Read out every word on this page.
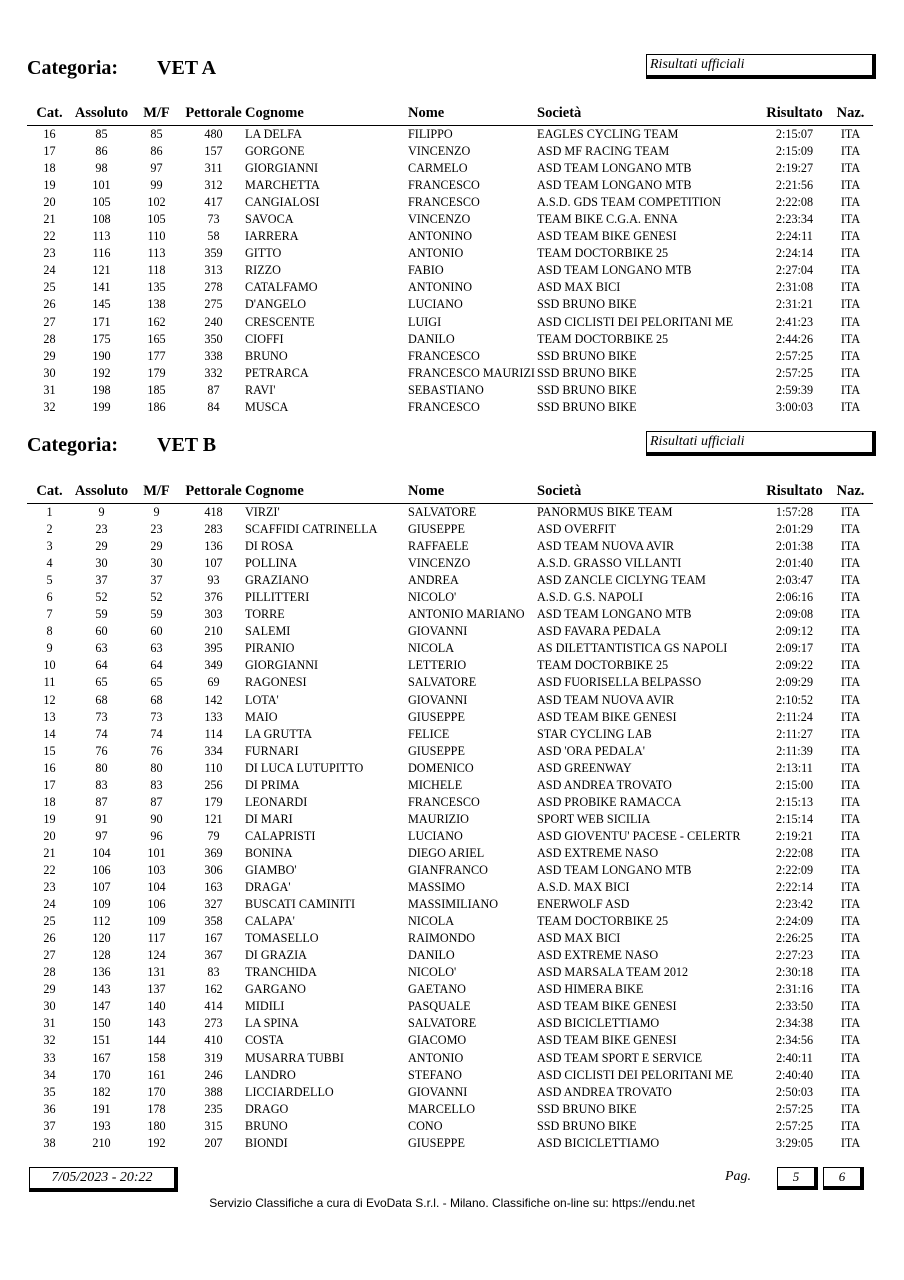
Categoria: VET A	Risultati ufficiali
Cat.	Assoluto	M/F	Pettorale	Cognome	Nome	Società	Risultato	Naz.
16	85	85	480	LA DELFA	FILIPPO	EAGLES CYCLING TEAM	2:15:07	ITA
17	86	86	157	GORGONE	VINCENZO	ASD MF RACING TEAM	2:15:09	ITA
18	98	97	311	GIORGIANNI	CARMELO	ASD TEAM LONGANO MTB	2:19:27	ITA
19	101	99	312	MARCHETTA	FRANCESCO	ASD TEAM LONGANO MTB	2:21:56	ITA
20	105	102	417	CANGIALOSI	FRANCESCO	A.S.D. GDS TEAM COMPETITION	2:22:08	ITA
21	108	105	73	SAVOCA	VINCENZO	TEAM BIKE C.G.A. ENNA	2:23:34	ITA
22	113	110	58	IARRERA	ANTONINO	ASD TEAM BIKE GENESI	2:24:11	ITA
23	116	113	359	GITTO	ANTONIO	TEAM DOCTORBIKE 25	2:24:14	ITA
24	121	118	313	RIZZO	FABIO	ASD TEAM LONGANO MTB	2:27:04	ITA
25	141	135	278	CATALFAMO	ANTONINO	ASD MAX BICI	2:31:08	ITA
26	145	138	275	D'ANGELO	LUCIANO	SSD BRUNO BIKE	2:31:21	ITA
27	171	162	240	CRESCENTE	LUIGI	ASD CICLISTI DEI PELORITANI ME	2:41:23	ITA
28	175	165	350	CIOFFI	DANILO	TEAM DOCTORBIKE 25	2:44:26	ITA
29	190	177	338	BRUNO	FRANCESCO	SSD BRUNO BIKE	2:57:25	ITA
30	192	179	332	PETRARCA	FRANCESCO MAURIZI	SSD BRUNO BIKE	2:57:25	ITA
31	198	185	87	RAVI'	SEBASTIANO	SSD BRUNO BIKE	2:59:39	ITA
32	199	186	84	MUSCA	FRANCESCO	SSD BRUNO BIKE	3:00:03	ITA
Categoria: VET B	Risultati ufficiali
Cat.	Assoluto	M/F	Pettorale	Cognome	Nome	Società	Risultato	Naz.
1	9	9	418	VIRZI'	SALVATORE	PANORMUS BIKE TEAM	1:57:28	ITA
2	23	23	283	SCAFFIDI CATRINELLA	GIUSEPPE	ASD OVERFIT	2:01:29	ITA
3	29	29	136	DI ROSA	RAFFAELE	ASD TEAM NUOVA AVIR	2:01:38	ITA
4	30	30	107	POLLINA	VINCENZO	A.S.D. GRASSO VILLANTI	2:01:40	ITA
5	37	37	93	GRAZIANO	ANDREA	ASD ZANCLE CICLYNG TEAM	2:03:47	ITA
6	52	52	376	PILLITTERI	NICOLO'	A.S.D. G.S. NAPOLI	2:06:16	ITA
7	59	59	303	TORRE	ANTONIO MARIANO	ASD TEAM LONGANO MTB	2:09:08	ITA
8	60	60	210	SALEMI	GIOVANNI	ASD FAVARA PEDALA	2:09:12	ITA
9	63	63	395	PIRANIO	NICOLA	AS DILETTANTISTICA GS NAPOLI	2:09:17	ITA
10	64	64	349	GIORGIANNI	LETTERIO	TEAM DOCTORBIKE 25	2:09:22	ITA
11	65	65	69	RAGONESI	SALVATORE	ASD FUORISELLA BELPASSO	2:09:29	ITA
12	68	68	142	LOTA'	GIOVANNI	ASD TEAM NUOVA AVIR	2:10:52	ITA
13	73	73	133	MAIO	GIUSEPPE	ASD TEAM BIKE GENESI	2:11:24	ITA
14	74	74	114	LA GRUTTA	FELICE	STAR CYCLING LAB	2:11:27	ITA
15	76	76	334	FURNARI	GIUSEPPE	ASD 'ORA PEDALA'	2:11:39	ITA
16	80	80	110	DI LUCA LUTUPITTO	DOMENICO	ASD GREENWAY	2:13:11	ITA
17	83	83	256	DI PRIMA	MICHELE	ASD ANDREA TROVATO	2:15:00	ITA
18	87	87	179	LEONARDI	FRANCESCO	ASD PROBIKE RAMACCA	2:15:13	ITA
19	91	90	121	DI MARI	MAURIZIO	SPORT WEB SICILIA	2:15:14	ITA
20	97	96	79	CALAPRISTI	LUCIANO	ASD GIOVENTU' PACESE - CELERTR	2:19:21	ITA
21	104	101	369	BONINA	DIEGO ARIEL	ASD EXTREME NASO	2:22:08	ITA
22	106	103	306	GIAMBO'	GIANFRANCO	ASD TEAM LONGANO MTB	2:22:09	ITA
23	107	104	163	DRAGA'	MASSIMO	A.S.D. MAX BICI	2:22:14	ITA
24	109	106	327	BUSCATI CAMINITI	MASSIMILIANO	ENERWOLF ASD	2:23:42	ITA
25	112	109	358	CALAPA'	NICOLA	TEAM DOCTORBIKE 25	2:24:09	ITA
26	120	117	167	TOMASELLO	RAIMONDO	ASD MAX BICI	2:26:25	ITA
27	128	124	367	DI GRAZIA	DANILO	ASD EXTREME NASO	2:27:23	ITA
28	136	131	83	TRANCHIDA	NICOLO'	ASD MARSALA TEAM 2012	2:30:18	ITA
29	143	137	162	GARGANO	GAETANO	ASD HIMERA BIKE	2:31:16	ITA
30	147	140	414	MIDILI	PASQUALE	ASD TEAM BIKE GENESI	2:33:50	ITA
31	150	143	273	LA SPINA	SALVATORE	ASD BICICLETTIAMO	2:34:38	ITA
32	151	144	410	COSTA	GIACOMO	ASD TEAM BIKE GENESI	2:34:56	ITA
33	167	158	319	MUSARRA TUBBI	ANTONIO	ASD TEAM SPORT E SERVICE	2:40:11	ITA
34	170	161	246	LANDRO	STEFANO	ASD CICLISTI DEI PELORITANI ME	2:40:40	ITA
35	182	170	388	LICCIARDELLO	GIOVANNI	ASD ANDREA TROVATO	2:50:03	ITA
36	191	178	235	DRAGO	MARCELLO	SSD BRUNO BIKE	2:57:25	ITA
37	193	180	315	BRUNO	CONO	SSD BRUNO BIKE	2:57:25	ITA
38	210	192	207	BIONDI	GIUSEPPE	ASD BICICLETTIAMO	3:29:05	ITA
7/05/2023 - 20:22	Pag.	5	6
Servizio Classifiche a cura di EvoData S.r.l. - Milano. Classifiche on-line su: https://endu.net
